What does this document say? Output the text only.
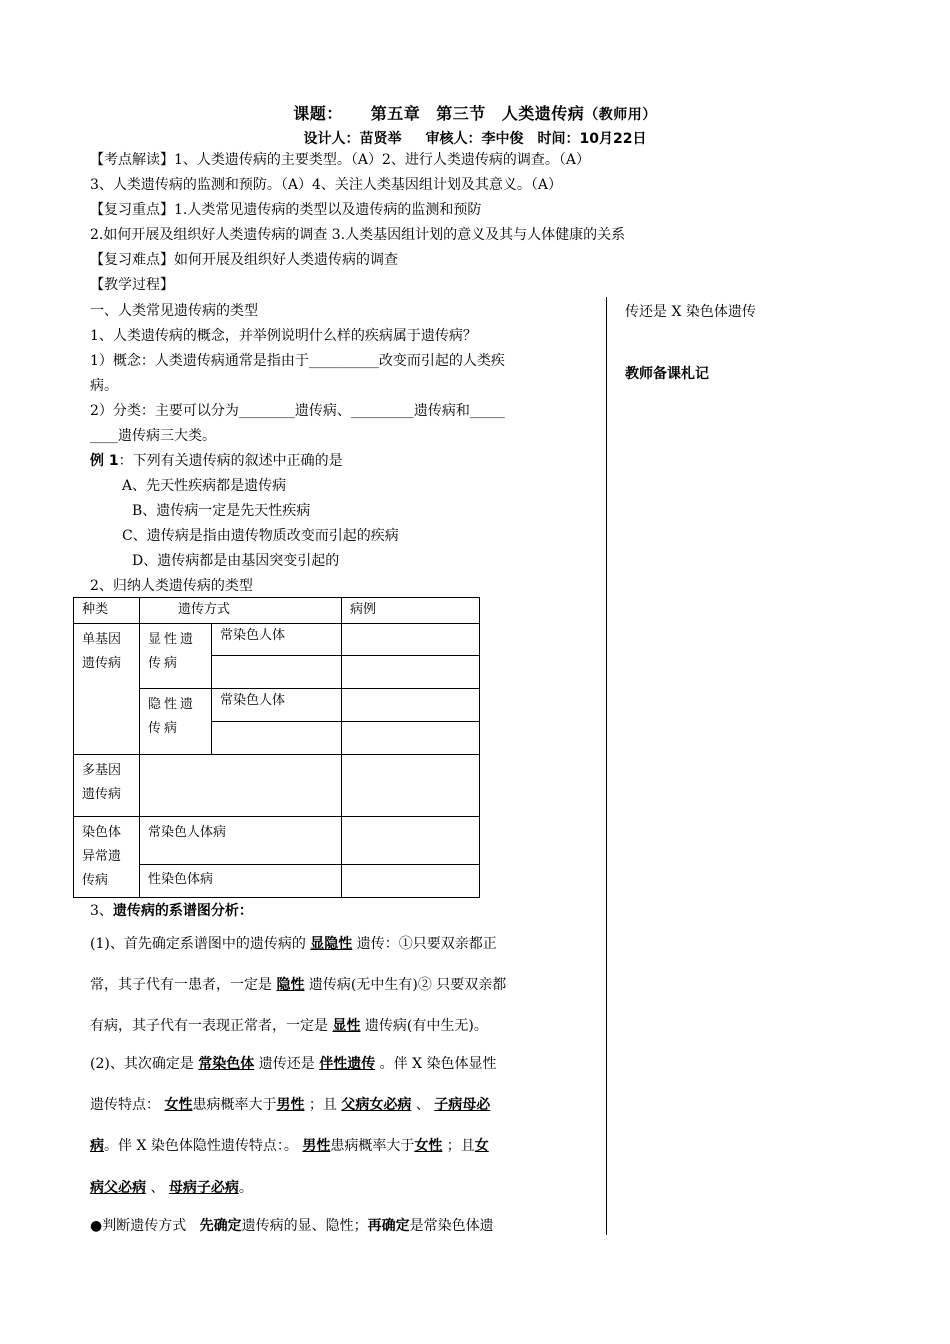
课题： 第五章 第三节 人类遗传病（教师用）
设计人：苗贤举 审核人：李中俊 时间：10月22日
【考点解读】1、人类遗传病的主要类型。（A）2、进行人类遗传病的调查。（A）
3、人类遗传病的监测和预防。（A）4、关注人类基因组计划及其意义。（A）
【复习重点】1.人类常见遗传病的类型以及遗传病的监测和预防
2.如何开展及组织好人类遗传病的调查 3.人类基因组计划的意义及其与人体健康的关系
【复习难点】如何开展及组织好人类遗传病的调查
【教学过程】
一、人类常见遗传病的类型
1、人类遗传病的概念，并举例说明什么样的疾病属于遗传病？
1）概念：人类遗传病通常是指由于__________改变而引起的人类疾
病。
2）分类：主要可以分为________遗传病、_________遗传病和_____
____遗传病三大类。
例 1：下列有关遗传病的叙述中正确的是
A、先天性疾病都是遗传病
B、遗传病一定是先天性疾病
C、遗传病是指由遗传物质改变而引起的疾病
D、遗传病都是由基因突变引起的
2、归纳人类遗传病的类型
种类	遗传方式		病例
单基因遗传病	显性遗传病	常染色人体	

	隐性遗传病	常染色人体	

多基因遗传病			
染色体异常遗传病	常染色人体病		
	性染色体病		
3、遗传病的系谱图分析：
(1)、首先确定系谱图中的遗传病的 显隐性 遗传：①只要双亲都正
常，其子代有一患者，一定是 隐性 遗传病(无中生有)② 只要双亲都
有病，其子代有一表现正常者，一定是 显性 遗传病(有中生无)。
(2)、其次确定是 常染色体 遗传还是 伴性遗传 。伴 X 染色体显性
遗传特点： 女性患病概率大于男性 ；且 父病女必病 、 子病母必
病。伴 X 染色体隐性遗传特点：。 男性患病概率大于女性 ；且女
病父必病 、 母病子必病。
●判断遗传方式 先确定遗传病的显、隐性；再确定是常染色体遗
传还是 X 染色体遗传
教师备课札记
